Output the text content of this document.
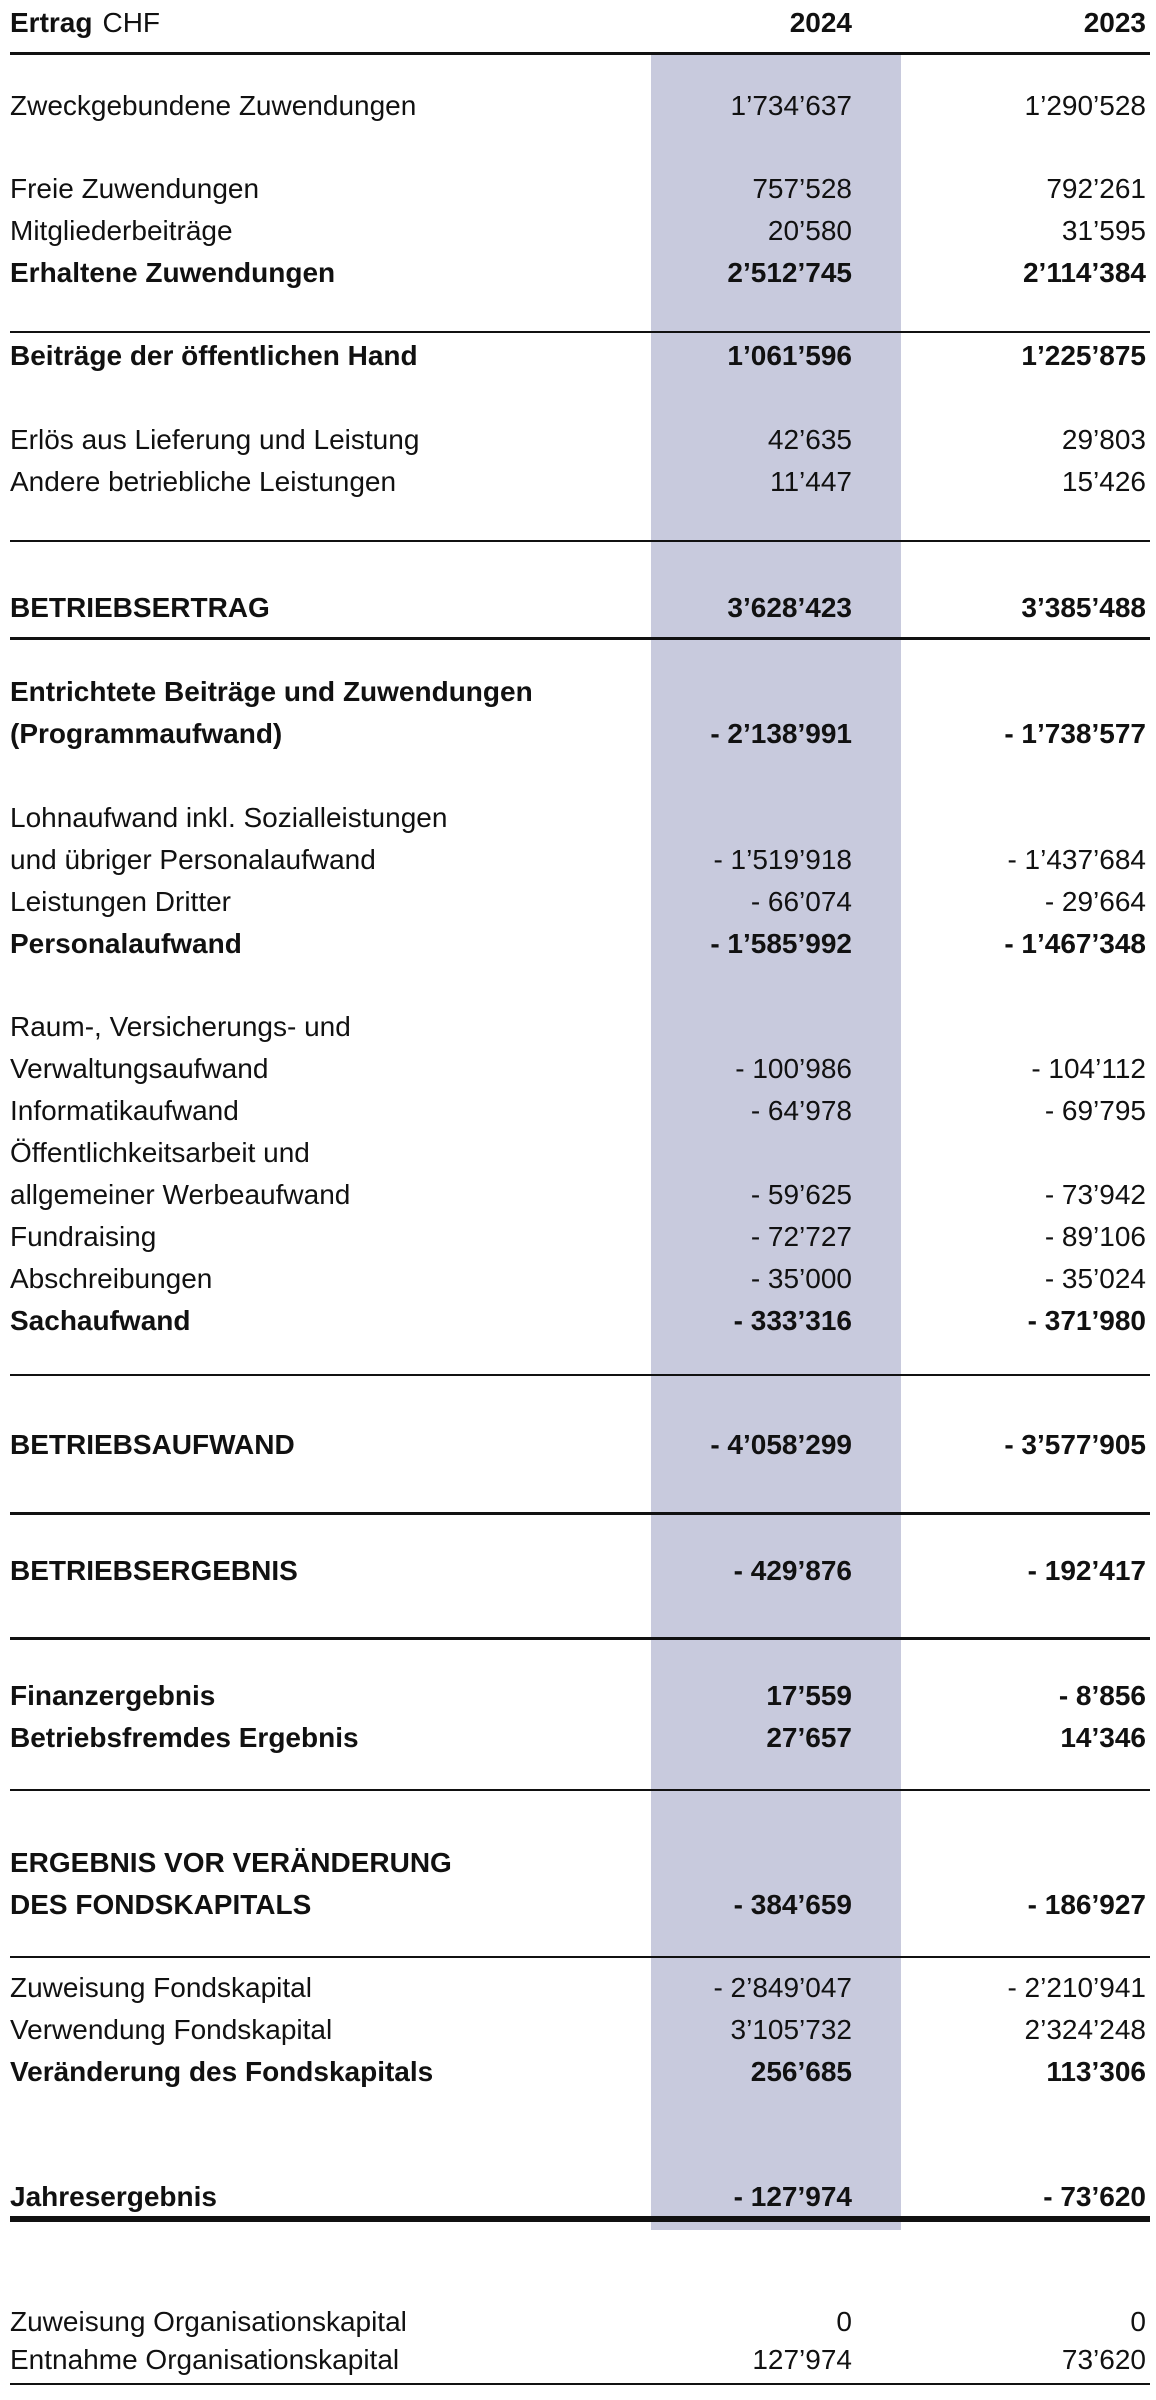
Ertrag CHF	2024	2023
Zweckgebundene Zuwendungen	1’734’637	1’290’528
Freie Zuwendungen	757’528	792’261
Mitgliederbeiträge	20’580	31’595
Erhaltene Zuwendungen	2’512’745	2’114’384
Beiträge der öffentlichen Hand	1’061’596	1’225’875
Erlös aus Lieferung und Leistung	42’635	29’803
Andere betriebliche Leistungen	11’447	15’426
BETRIEBSERTRAG	3’628’423	3’385’488
Entrichtete Beiträge und Zuwendungen
(Programmaufwand)	- 2’138’991	- 1’738’577
Lohnaufwand inkl. Sozialleistungen
und übriger Personalaufwand	- 1’519’918	- 1’437’684
Leistungen Dritter	- 66’074	- 29’664
Personalaufwand	- 1’585’992	- 1’467’348
Raum-, Versicherungs- und
Verwaltungsaufwand	- 100’986	- 104’112
Informatikaufwand	- 64’978	- 69’795
Öffentlichkeitsarbeit und
allgemeiner Werbeaufwand	- 59’625	- 73’942
Fundraising	- 72’727	- 89’106
Abschreibungen	- 35’000	- 35’024
Sachaufwand	- 333’316	- 371’980
BETRIEBSAUFWAND	- 4’058’299	- 3’577’905
BETRIEBSERGEBNIS	- 429’876	- 192’417
Finanzergebnis	17’559	- 8’856
Betriebsfremdes Ergebnis	27’657	14’346
ERGEBNIS VOR VERÄNDERUNG
DES FONDSKAPITALS	- 384’659	- 186’927
Zuweisung Fondskapital	- 2’849’047	- 2’210’941
Verwendung Fondskapital	3’105’732	2’324’248
Veränderung des Fondskapitals	256’685	113’306
Jahresergebnis	- 127’974	- 73’620
Zuweisung Organisationskapital	0	0
Entnahme Organisationskapital	127’974	73’620
